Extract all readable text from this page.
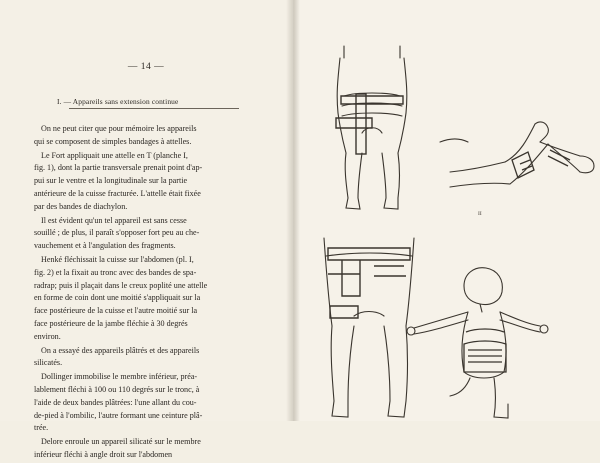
— 14 —
I. — Appareils sans extension continue
On ne peut citer que pour mémoire les appareils
qui se composent de simples bandages à attelles.
Le Fort appliquait une attelle en T (planche I,
fig. 1), dont la partie transversale prenait point d'ap-
pui sur le ventre et la longitudinale sur la partie
antérieure de la cuisse fracturée. L'attelle était fixée
par des bandes de diachylon.
Il est évident qu'un tel appareil est sans cesse
souillé ; de plus, il paraît s'opposer fort peu au che-
vauchement et à l'angulation des fragments.
Henké fléchissait la cuisse sur l'abdomen (pl. I,
fig. 2) et la fixait au tronc avec des bandes de spa-
radrap; puis il plaçait dans le creux poplité une attelle
en forme de coin dont une moitié s'appliquait sur la
face postérieure de la cuisse et l'autre moitié sur la
face postérieure de la jambe fléchie à 30 degrés
environ.
On a essayé des appareils plâtrés et des appareils
silicatés.
Dollinger immobilise le membre inférieur, préa-
lablement fléchi à 100 ou 110 degrés sur le tronc, à
l'aide de deux bandes plâtrées: l'une allant du cou-
de-pied à l'ombilic, l'autre formant une ceinture plâ-
trée.
Delore enroule un appareil silicaté sur le membre
inférieur fléchi à angle droit sur l'abdomen
II
